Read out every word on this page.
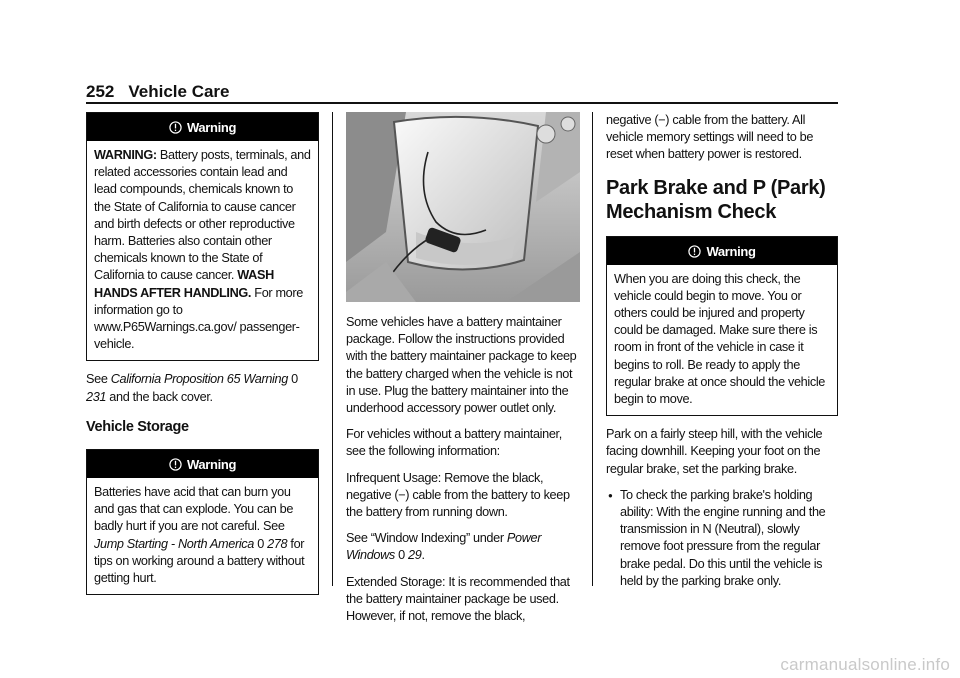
252 Vehicle Care
Warning
WARNING: Battery posts, terminals, and related accessories contain lead and lead compounds, chemicals known to the State of California to cause cancer and birth defects or other reproductive harm. Batteries also contain other chemicals known to the State of California to cause cancer. WASH HANDS AFTER HANDLING. For more information go to www.P65Warnings.ca.gov/ passenger-vehicle.

See California Proposition 65 Warning 0 231 and the back cover.

Vehicle Storage
Warning
Batteries have acid that can burn you and gas that can explode. You can be badly hurt if you are not careful. See Jump Starting - North America 0 278 for tips on working around a battery without getting hurt.

Some vehicles have a battery maintainer package. Follow the instructions provided with the battery maintainer package to keep the battery charged when the vehicle is not in use. Plug the battery maintainer into the underhood accessory power outlet only.

For vehicles without a battery maintainer, see the following information:

Infrequent Usage: Remove the black, negative (−) cable from the battery to keep the battery from running down.

See “Window Indexing” under Power Windows 0 29.

Extended Storage: It is recommended that the battery maintainer package be used. However, if not, remove the black,

negative (−) cable from the battery. All vehicle memory settings will need to be reset when battery power is restored.

Park Brake and P (Park) Mechanism Check
Warning
When you are doing this check, the vehicle could begin to move. You or others could be injured and property could be damaged. Make sure there is room in front of the vehicle in case it begins to roll. Be ready to apply the regular brake at once should the vehicle begin to move.

Park on a fairly steep hill, with the vehicle facing downhill. Keeping your foot on the regular brake, set the parking brake.

● To check the parking brake's holding ability: With the engine running and the transmission in N (Neutral), slowly remove foot pressure from the regular brake pedal. Do this until the vehicle is held by the parking brake only.
carmanualsonline.info
